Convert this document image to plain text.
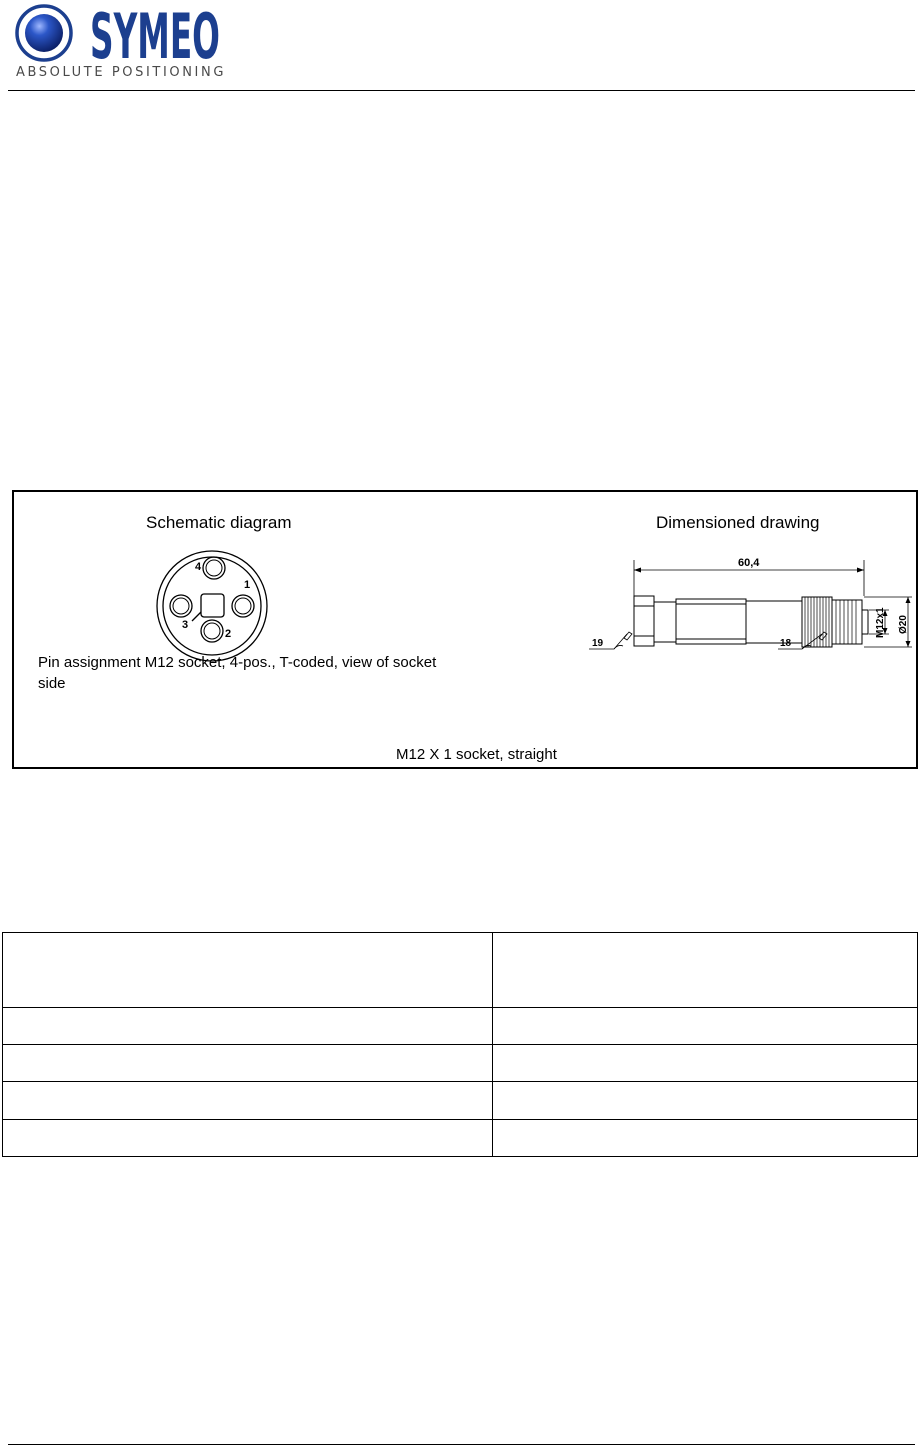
SYMEO
ABSOLUTE POSITIONING
Schematic diagram	Dimensioned drawing
1
2
3
4
Pin assignment M12 socket, 4-pos., T-coded, view of socket side
60,4
M12x1 Ø20
19	18
M12 X 1 socket, straight
